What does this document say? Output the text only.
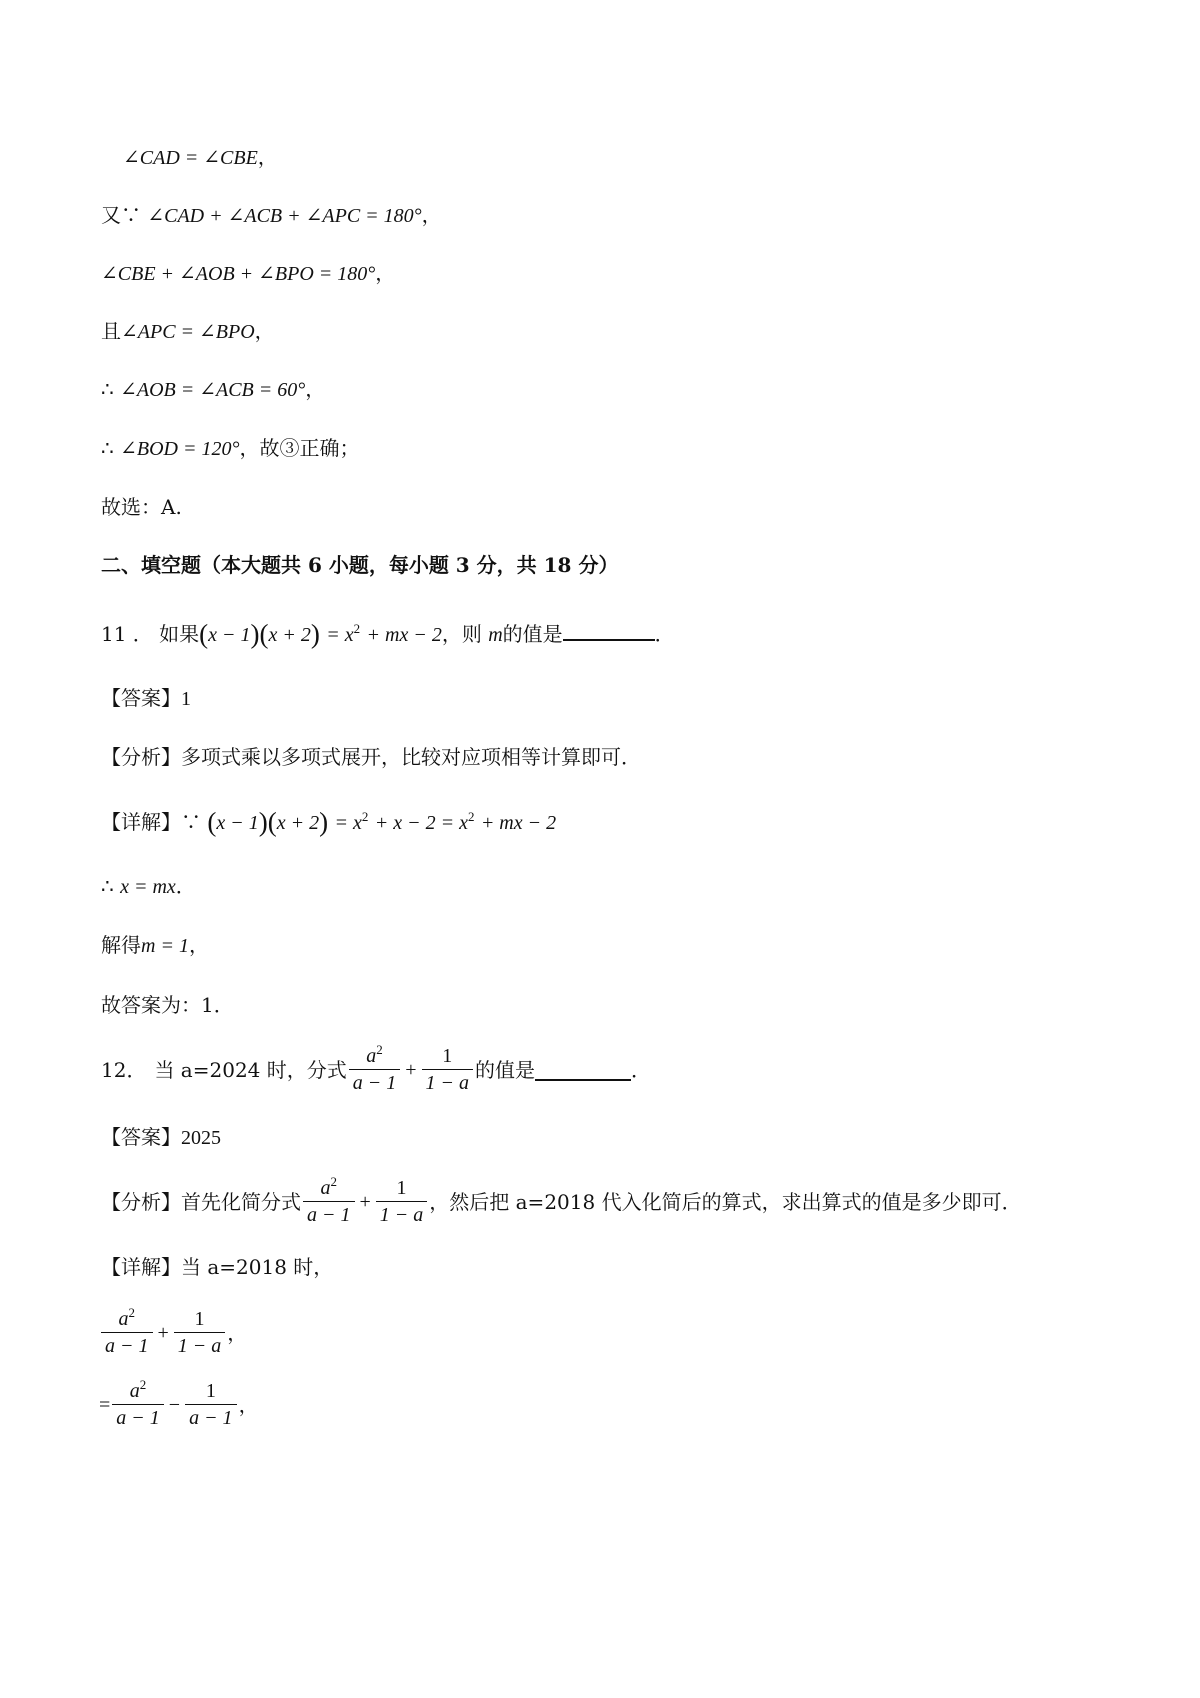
∠CAD = ∠CBE，
又∵ ∠CAD + ∠ACB + ∠APC = 180°，
∠CBE + ∠AOB + ∠BPO = 180°，
且∠APC = ∠BPO，
∴ ∠AOB = ∠ACB = 60°，
∴ ∠BOD = 120°，故③正确；
故选：A.
二、填空题（本大题共 6 小题，每小题 3 分，共 18 分）
11 ． 如果$(x - 1)(x + 2) = x^2$ + mx − 2，则 m的值是	．
【答案】1
【分析】多项式乘以多项式展开，比较对应项相等计算即可．
【详解】∵ $(x - 1)(x + 2) = x^2 + x - 2 = x^2$ + mx − 2
∴ x = mx．
解得m = 1，
故答案为：1．
12． 当 a=2024 时，分式 $\frac{a^2}{a - 1} + \frac{1}{1 - a}$ 的值是	．
【答案】2025
【分析】 首先化简分式 $\frac{a^2}{a - 1} + \frac{1}{1 - a}$ ，然后把 a=2018 代入化简后的算式，求出算式的值是多少即可．
【详解】当 a=2018 时，
$\frac{a^2}{a - 1} + \frac{1}{1 - a}$ ，
= $\frac{a^2}{a - 1} - \frac{1}{a - 1}$ ，
